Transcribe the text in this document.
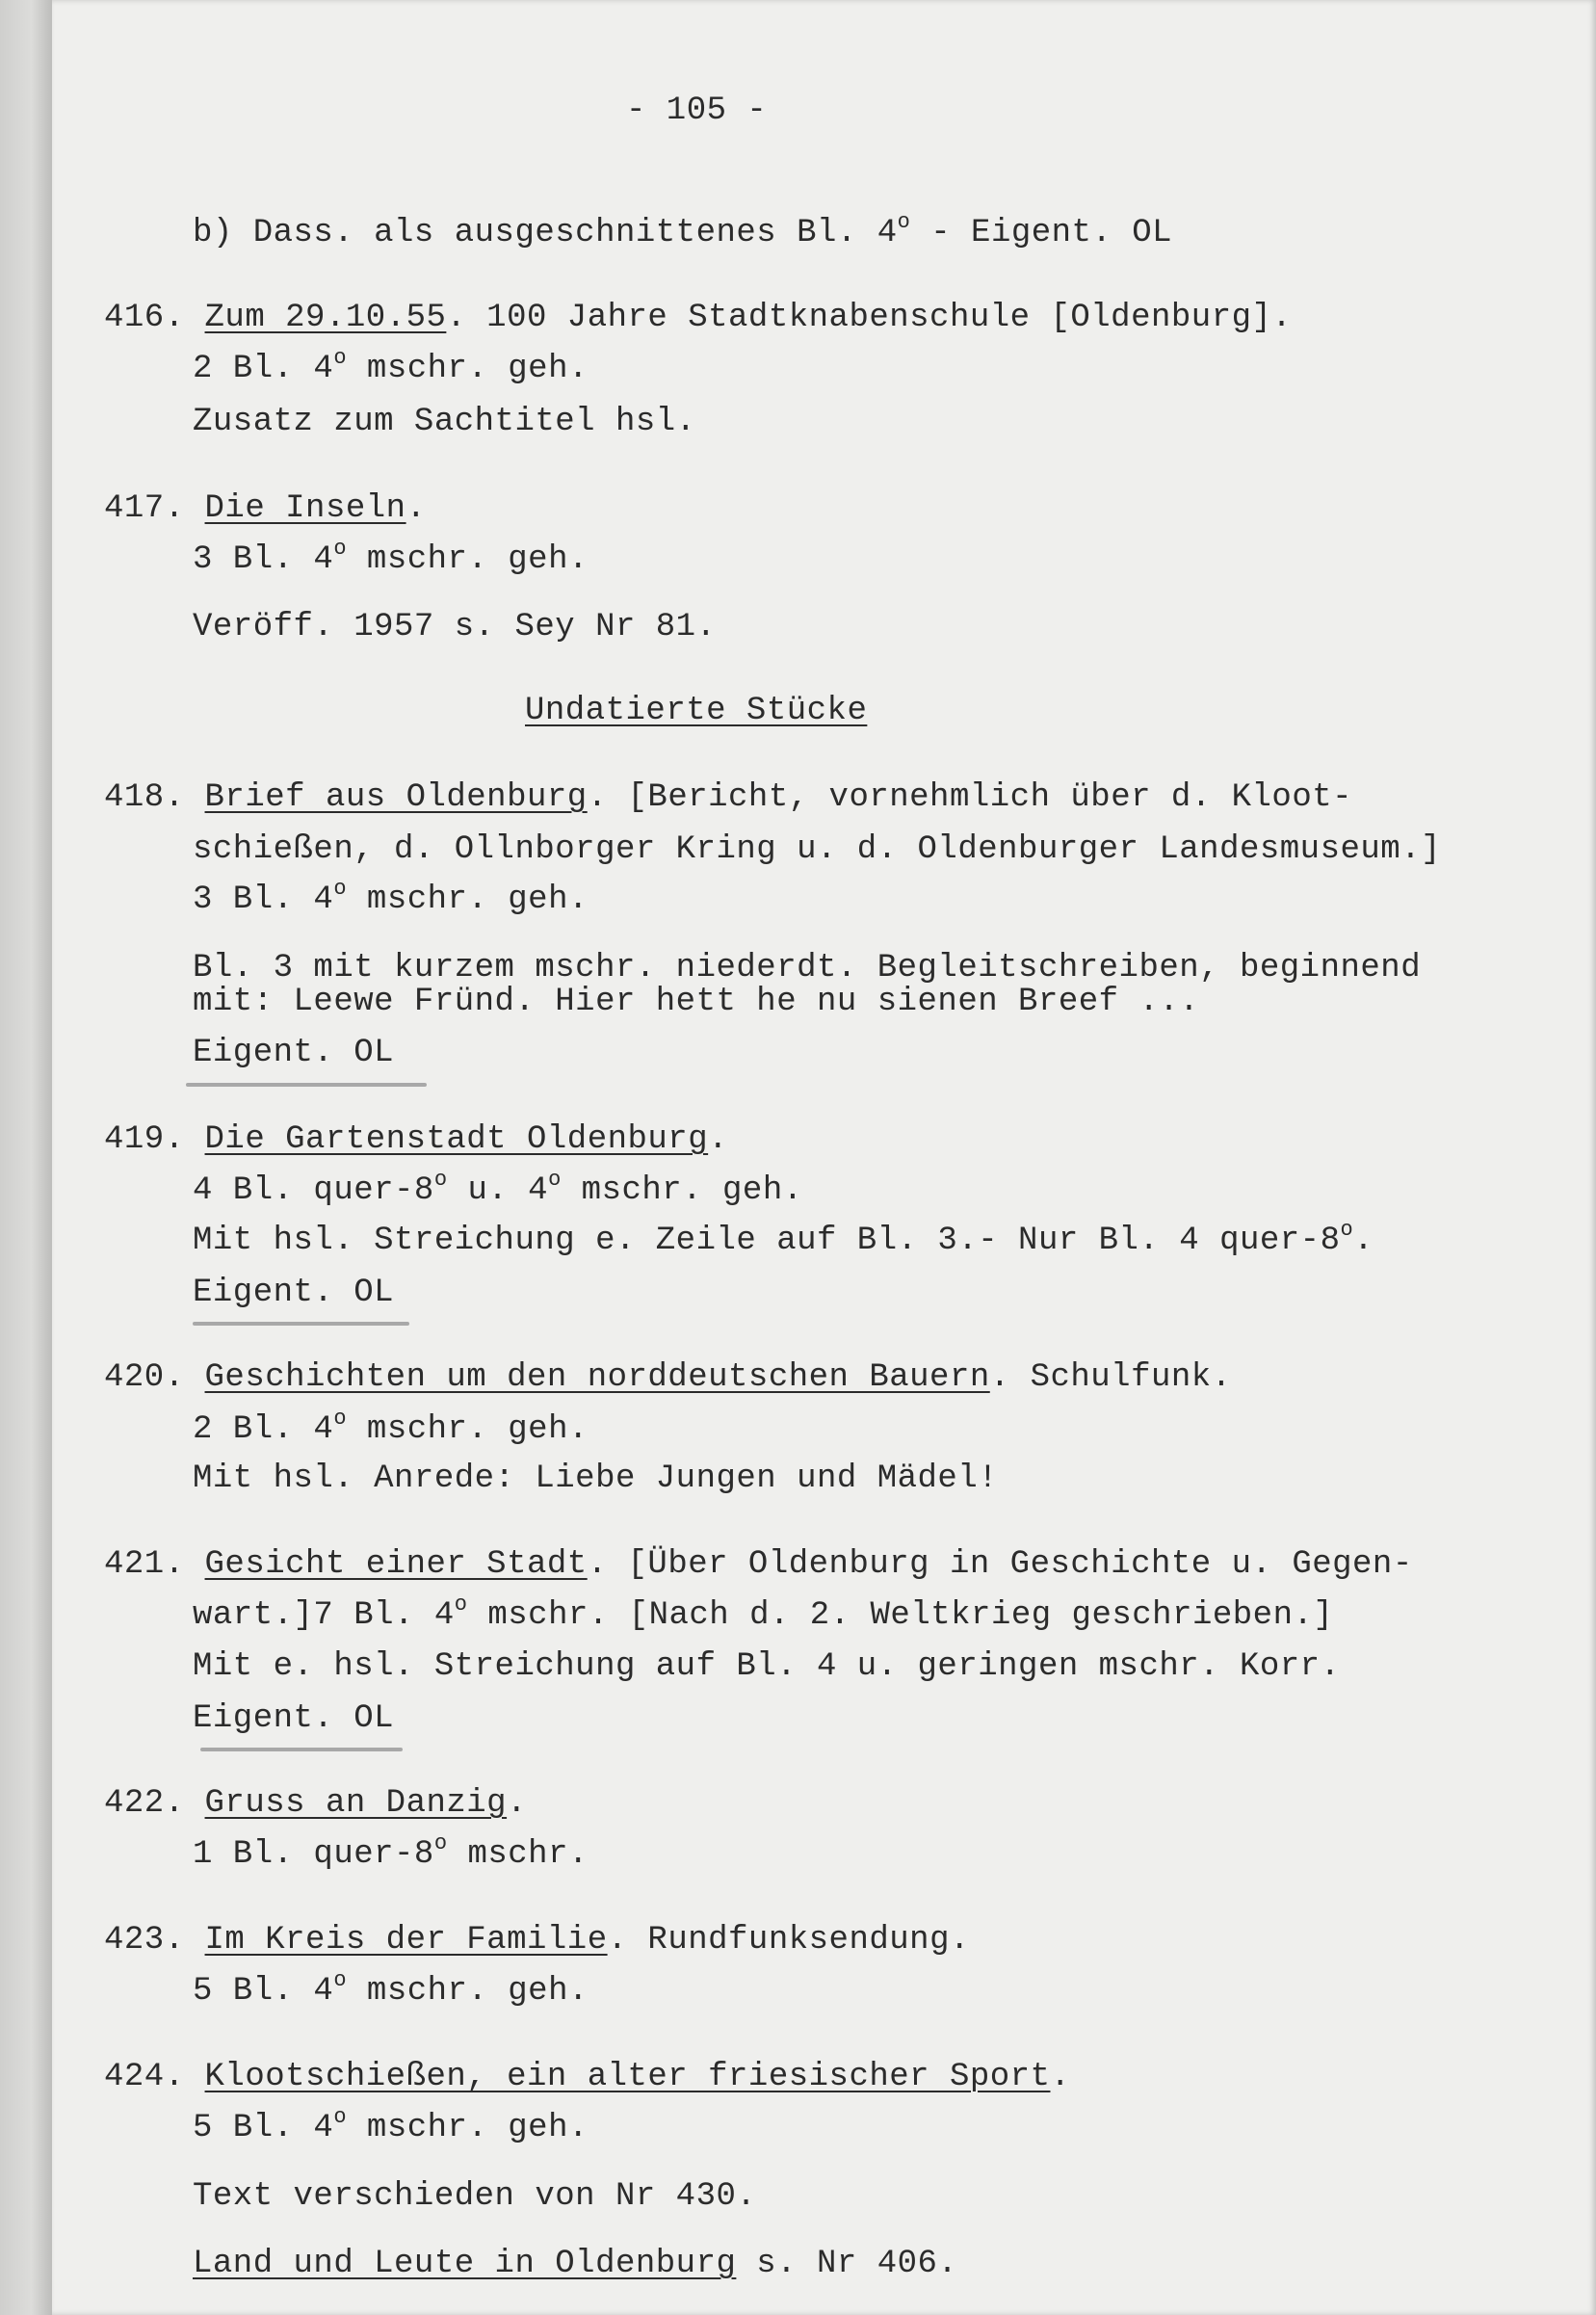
- 105 -
b) Dass. als ausgeschnittenes Bl. 4$^o$ - Eigent. OL
416. Zum 29.10.55. 100 Jahre Stadtknabenschule [Oldenburg].
2 Bl. 4$^o$ mschr. geh.
Zusatz zum Sachtitel hsl.
417. Die Inseln.
3 Bl. 4$^o$ mschr. geh.
Veröff. 1957 s. Sey Nr 81.
Undatierte Stücke
418. Brief aus Oldenburg. [Bericht, vornehmlich über d. Kloot-
schießen, d. Ollnborger Kring u. d. Oldenburger Landesmuseum.]
3 Bl. 4$^o$ mschr. geh.
Bl. 3 mit kurzem mschr. niederdt. Begleitschreiben, beginnend
mit: Leewe Fründ. Hier hett he nu sienen Breef ...
Eigent. OL
419. Die Gartenstadt Oldenburg.
4 Bl. quer-8$^o$ u. 4$^o$ mschr. geh.
Mit hsl. Streichung e. Zeile auf Bl. 3.- Nur Bl. 4 quer-8$^o$.
Eigent. OL
420. Geschichten um den norddeutschen Bauern. Schulfunk.
2 Bl. 4$^o$ mschr. geh.
Mit hsl. Anrede: Liebe Jungen und Mädel!
421. Gesicht einer Stadt. [Über Oldenburg in Geschichte u. Gegen-
wart.]7 Bl. 4$^o$ mschr. [Nach d. 2. Weltkrieg geschrieben.]
Mit e. hsl. Streichung auf Bl. 4 u. geringen mschr. Korr.
Eigent. OL
422. Gruss an Danzig.
1 Bl. quer-8$^o$ mschr.
423. Im Kreis der Familie. Rundfunksendung.
5 Bl. 4$^o$ mschr. geh.
424. Klootschießen, ein alter friesischer Sport.
5 Bl. 4$^o$ mschr. geh.
Text verschieden von Nr 430.
Land und Leute in Oldenburg s. Nr 406.
